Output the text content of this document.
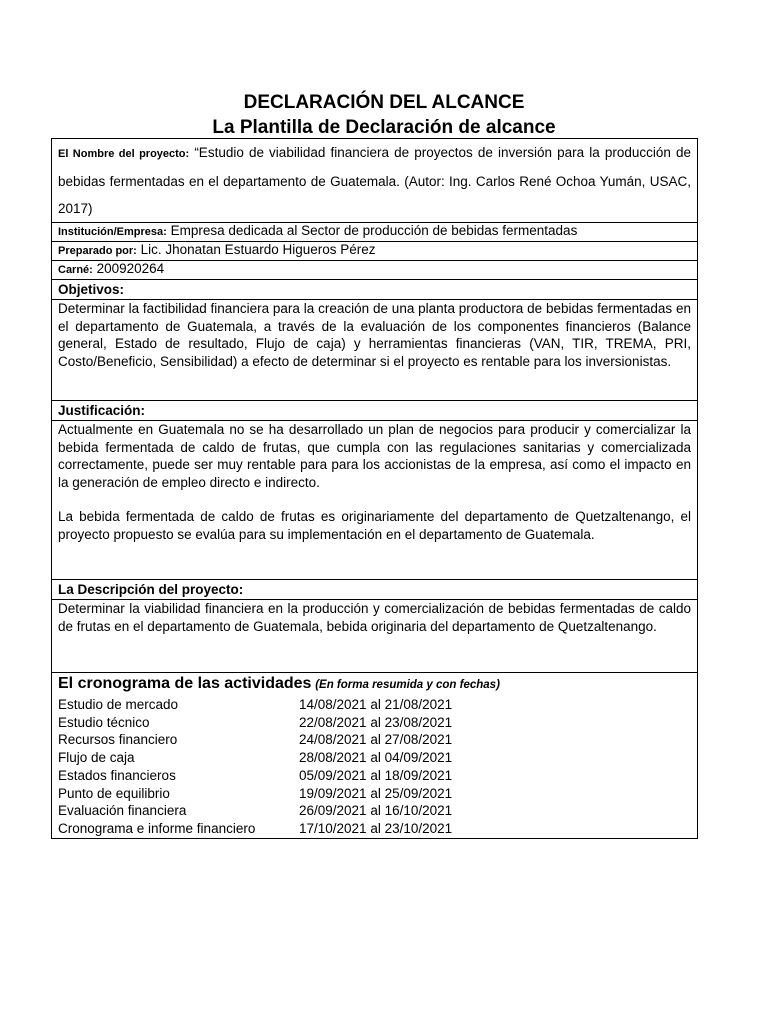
DECLARACIÓN DEL ALCANCE
La Plantilla de Declaración de alcance
El Nombre del proyecto: “Estudio de viabilidad financiera de proyectos de inversión para la producción de bebidas fermentadas en el departamento de Guatemala. (Autor: Ing. Carlos René Ochoa Yumán, USAC, 2017)
Institución/Empresa: Empresa dedicada al Sector de producción de bebidas fermentadas
Preparado por: Lic. Jhonatan Estuardo Higueros Pérez
Carné: 200920264
Objetivos:
Determinar la factibilidad financiera para la creación de una planta productora de bebidas fermentadas en el departamento de Guatemala, a través de la evaluación de los componentes financieros (Balance general, Estado de resultado, Flujo de caja) y herramientas financieras (VAN, TIR, TREMA, PRI, Costo/Beneficio, Sensibilidad) a efecto de determinar si el proyecto es rentable para los inversionistas.
Justificación:

Actualmente en Guatemala no se ha desarrollado un plan de negocios para producir y comercializar la bebida fermentada de caldo de frutas, que cumpla con las regulaciones sanitarias y comercializada correctamente, puede ser muy rentable para para los accionistas de la empresa, así como el impacto en la generación de empleo directo e indirecto.

La bebida fermentada de caldo de frutas es originariamente del departamento de Quetzaltenango, el proyecto propuesto se evalúa para su implementación en el departamento de Guatemala.

La Descripción del proyecto:
Determinar la viabilidad financiera en la producción y comercialización de bebidas fermentadas de caldo de frutas en el departamento de Guatemala, bebida originaria del departamento de Quetzaltenango.

El cronograma de las actividades (En forma resumida y con fechas)
Estudio de mercado	14/08/2021 al 21/08/2021
Estudio técnico	22/08/2021 al 23/08/2021
Recursos financiero	24/08/2021 al 27/08/2021
Flujo de caja	28/08/2021 al 04/09/2021
Estados financieros	05/09/2021 al 18/09/2021
Punto de equilibrio	19/09/2021 al 25/09/2021
Evaluación financiera	26/09/2021 al 16/10/2021
Cronograma e informe financiero	17/10/2021 al 23/10/2021
